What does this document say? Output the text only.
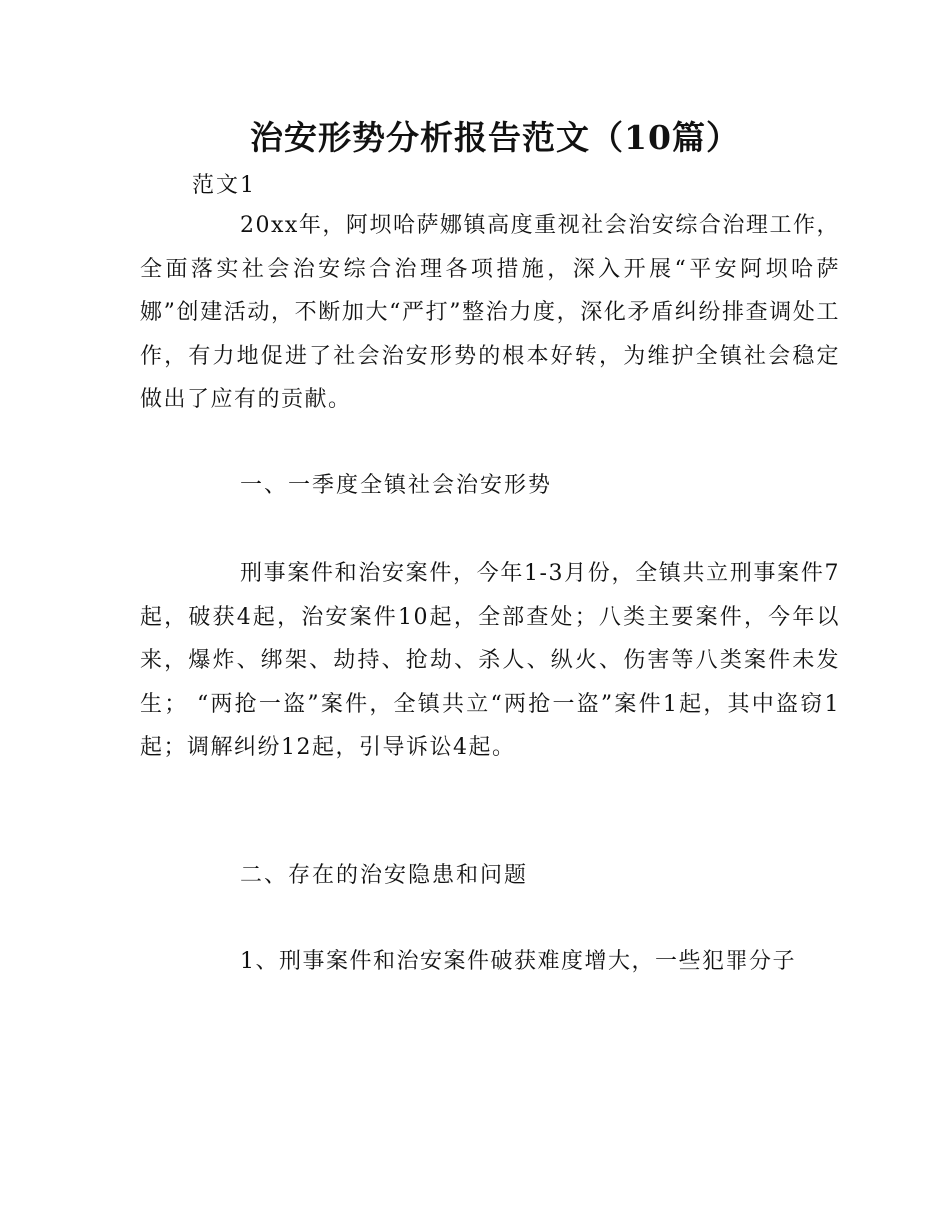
治安形势分析报告范文（10篇）

范文1

20xx年，阿坝哈萨娜镇高度重视社会治安综合治理工作，全面落实社会治安综合治理各项措施，深入开展“平安阿坝哈萨娜”创建活动，不断加大“严打”整治力度，深化矛盾纠纷排查调处工作，有力地促进了社会治安形势的根本好转，为维护全镇社会稳定做出了应有的贡献。

一、一季度全镇社会治安形势

刑事案件和治安案件，今年1-3月份，全镇共立刑事案件7起，破获4起，治安案件10起，全部查处；八类主要案件，今年以来，爆炸、绑架、劫持、抢劫、杀人、纵火、伤害等八类案件未发生； “两抢一盗”案件，全镇共立“两抢一盗”案件1起，其中盗窃1起；调解纠纷12起，引导诉讼4起。

二、存在的治安隐患和问题

1、刑事案件和治安案件破获难度增大，一些犯罪分子
